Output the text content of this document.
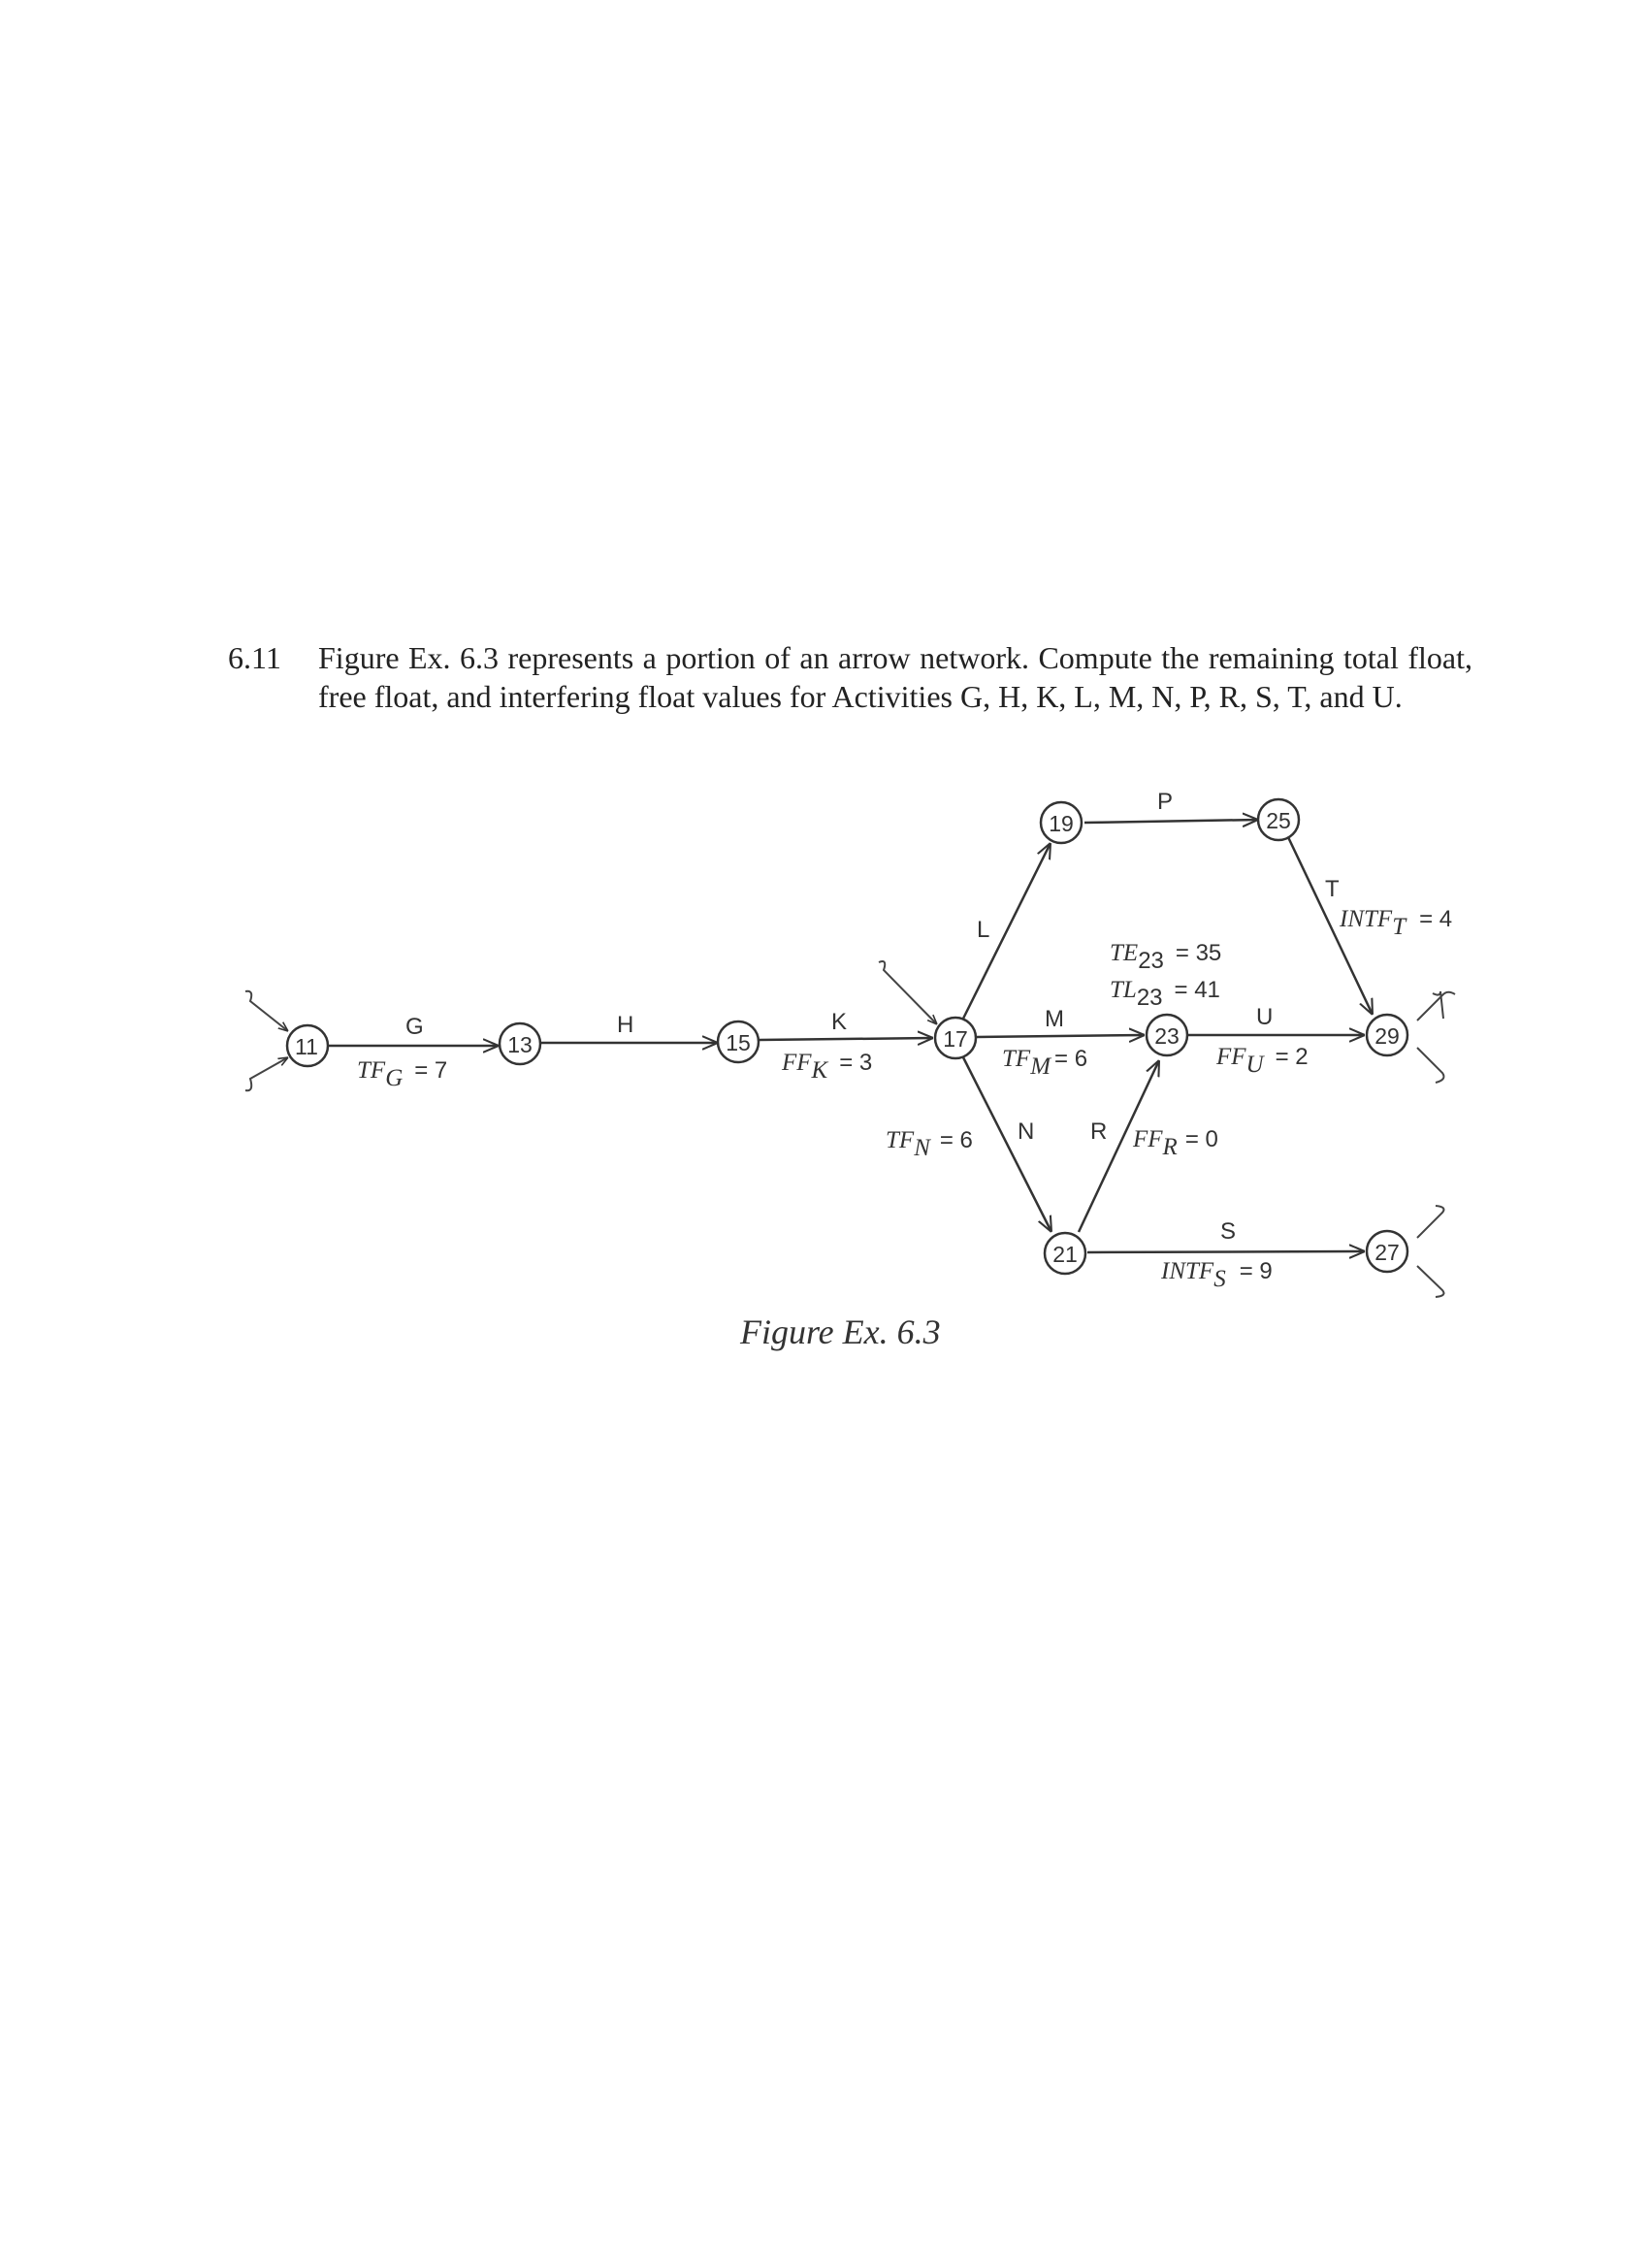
6.11 Figure Ex. 6.3 represents a portion of an arrow network. Compute the remaining total float, free float, and interfering float values for Activities G, H, K, L, M, N, P, R, S, T, and U.
11	13	15	17
19
21
23
25
27
29
G	H	K
L
P
M	U
T
N R
S
TFG = 7	FFK = 3	TFM = 6
TFN = 6	FFR = 0
FFU = 2
INTFT = 4
INTFS = 9
TE23 = 35
TL23 = 41
Figure Ex. 6.3
